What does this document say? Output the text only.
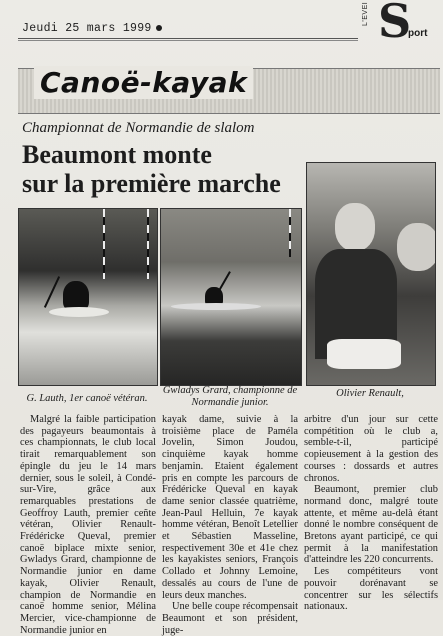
Jeudi 25 mars 1999
L'EVEI S
port
Canoë-kayak
Championnat de Normandie de slalom
Beaumont monte
sur la première marche
G. Lauth, 1er canoë vétéran.
Gwladys Grard, championne de Normandie junior.
Olivier Renault,

Malgré la faible participation des pagayeurs beaumontais à ces championnats, le club local tirait remarquablement son épingle du jeu le 14 mars dernier, sous le soleil, à Condé-sur-Vire, grâce aux remarquables prestations de Geoffroy Lauth, premier ceñte vétéran, Olivier Renault-Frédéricke Queval, premier canoë biplace mixte senior, Gwladys Grard, championne de Normandie junior en dame kayak, Olivier Renault, champion de Normandie en canoë homme senior, Mélina Mercier, vice-championne de Normandie junior en

kayak dame, suivie à la troisième place de Paméla Jovelin, Simon Joudou, cinquième kayak homme benjamin. Etaient également pris en compte les parcours de Frédéricke Queval en kayak dame senior classée quatrième, Jean-Paul Helluin, 7e kayak homme vétéran, Benoît Letellier et Sébastien Masseline, respectivement 30e et 41e chez les kayakistes seniors, François Collado et Johnny Lemoine, dessalés au cours de l'une de leurs deux manches.

Une belle coupe récompensait Beaumont et son président, juge-

arbitre d'un jour sur cette compétition où le club a, semble-t-il, participé copieusement à la gestion des courses : dossards et autres chronos.

Beaumont, premier club normand donc, malgré toute attente, et même au-delà étant donné le nombre conséquent de Bretons ayant participé, ce qui permit à la manifestation d'atteindre les 220 concurrents.

Les compétiteurs vont pouvoir dorénavant se concentrer sur les sélectifs nationaux.
